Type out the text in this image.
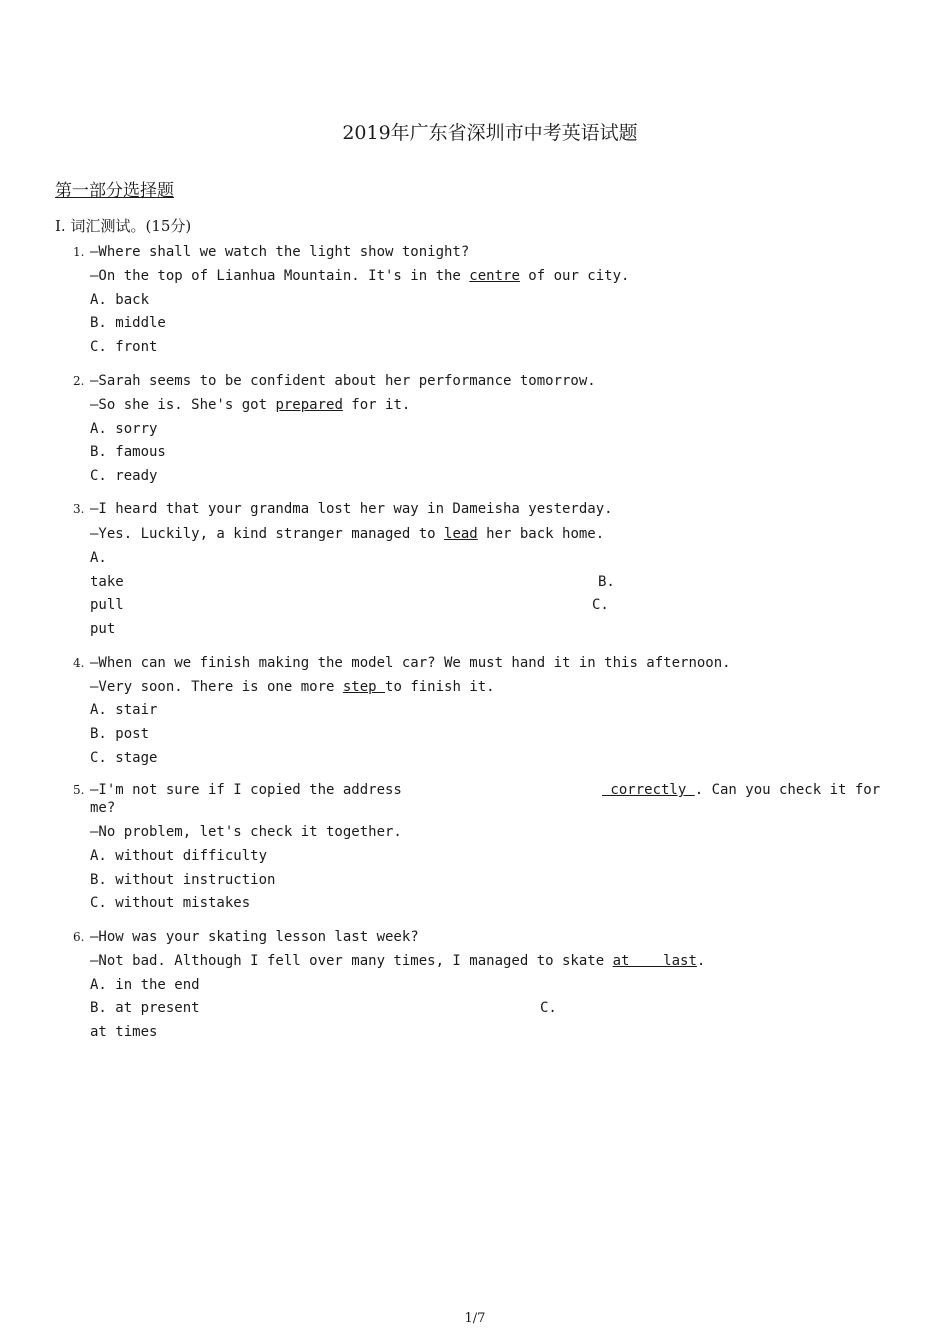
2019年广东省深圳市中考英语试题
第一部分选择题
I. 词汇测试。(15分)
1. —Where shall we watch the light show tonight?
—On the top of Lianhua Mountain. It's in the centre of our city.
A. back
B. middle
C. front
2. —Sarah seems to be confident about her performance tomorrow.
—So she is. She's got prepared for it.
A. sorry
B. famous
C. ready
3. —I heard that your grandma lost her way in Dameisha yesterday.
—Yes. Luckily, a kind stranger managed to lead her back home.
A.
take	B.
pull	C.
put
4. —When can we finish making the model car? We must hand it in this afternoon.
—Very soon. There is one more step to finish it.
A. stair
B. post
C. stage
5. —I'm not sure if I copied the address	correctly . Can you check it for
me?
—No problem, let's check it together.
A. without difficulty
B. without instruction
C. without mistakes
6. —How was your skating lesson last week?
—Not bad. Although I fell over many times, I managed to skate at    last.
A. in the end
B. at present	C.
at times
1/7
